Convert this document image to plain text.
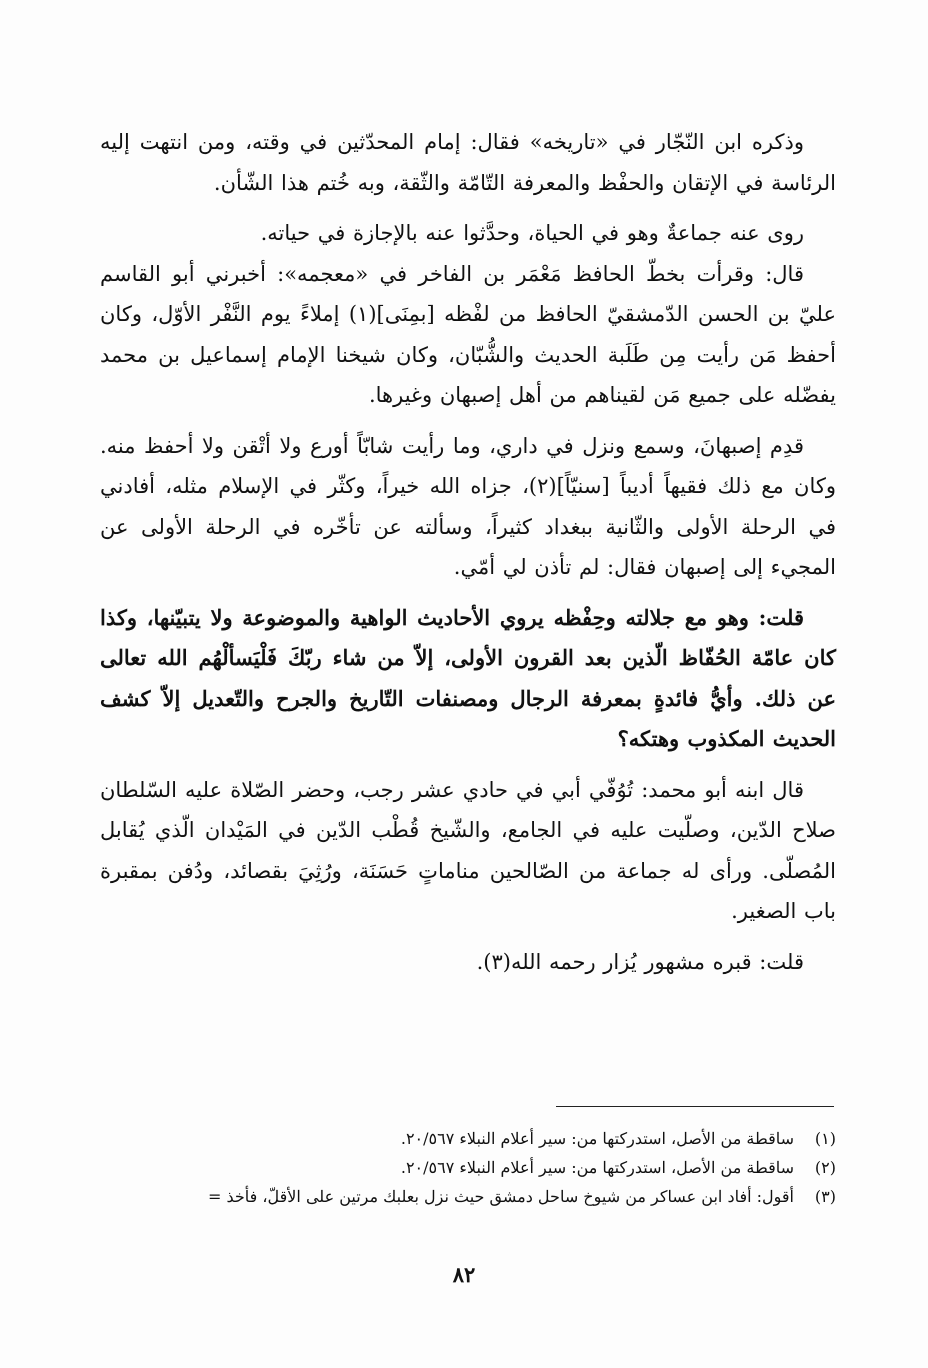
وذكره ابن النّجّار في «تاريخه» فقال: إمام المحدّثين في وقته، ومن انتهت إليه الرئاسة في الإتقان والحفْظ والمعرفة التّامّة والثّقة، وبه خُتم هذا الشّأن.

روى عنه جماعةٌ وهو في الحياة، وحدَّثوا عنه بالإجازة في حياته.

قال: وقرأت بخطّ الحافظ مَعْمَر بن الفاخر في «معجمه»: أخبرني أبو القاسم عليّ بن الحسن الدّمشقيّ الحافظ من لفْظه [بمِنَى](١) إملاءً يوم النَّفْر الأوّل، وكان أحفظ مَن رأيت مِن طَلَبة الحديث والشُّبّان، وكان شيخنا الإمام إسماعيل بن محمد يفضّله على جميع مَن لقيناهم من أهل إصبهان وغيرها.

قدِم إصبهانَ، وسمع ونزل في داري، وما رأيت شابّاً أورع ولا أتْقن ولا أحفظ منه. وكان مع ذلك فقيهاً أديباً [سنيّاً](٢)، جزاه الله خيراً، وكثّر في الإسلام مثله، أفادني في الرحلة الأولى والثّانية ببغداد كثيراً، وسألته عن تأخّره في الرحلة الأولى عن المجيء إلى إصبهان فقال: لم تأذن لي أمّي.

قلت: وهو مع جلالته وحِفْظه يروي الأحاديث الواهية والموضوعة ولا يتبيّنها، وكذا كان عامّة الحُفّاظ الّذين بعد القرون الأولى، إلاّ من شاء ربّكَ فَلْيَسألْهُم الله تعالى عن ذلك. وأيُّ فائدةٍ بمعرفة الرجال ومصنفات التّاريخ والجرح والتّعديل إلاّ كشف الحديث المكذوب وهتكه؟

قال ابنه أبو محمد: تُوُفّي أبي في حادي عشر رجب، وحضر الصّلاة عليه السّلطان صلاح الدّين، وصلّيت عليه في الجامع، والشّيخ قُطْب الدّين في المَيْدان الّذي يُقابل المُصلّى. ورأى له جماعة من الصّالحين مناماتٍ حَسَنَة، ورُثِيَ بقصائد، ودُفن بمقبرة باب الصغير.

قلت: قبره مشهور يُزار رحمه الله(٣).

(١)
ساقطة من الأصل، استدركتها من: سير أعلام النبلاء ٢٠/٥٦٧.
(٢)
ساقطة من الأصل، استدركتها من: سير أعلام النبلاء ٢٠/٥٦٧.
(٣)
أقول: أفاد ابن عساكر من شيوخ ساحل دمشق حيث نزل بعلبك مرتين على الأقلّ، فأخذ =
٨٢
